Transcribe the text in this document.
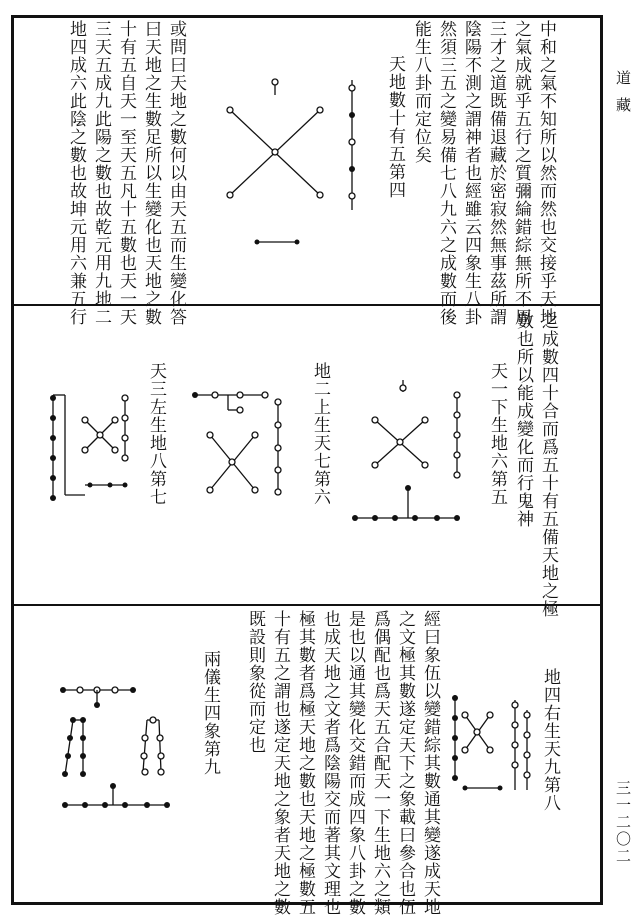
道藏
三一二〇二
中和之氣不知所以然而然也交接乎天地
之氣成就乎五行之質彌綸錯綜無所不周
三才之道既備退藏於密寂然無事茲所謂
陰陽不測之謂神者也經雖云四象生八卦
然須三五之變易備七八九六之成數而後
能生八卦而定位矣
天地數十有五第四
或問曰天地之數何以由天五而生變化答
曰天地之生數足所以生變化也天地之數
十有五自天一至天五凡十五數也天一天
三天五成九此陽之數也故乾元用九地二
地四成六此陰之數也故坤元用六兼五行
之成數四十合而爲五十有五備天地之極
數也所以能成變化而行鬼神
天一下生地六第五
地二上生天七第六
天三左生地八第七
地四右生天九第八
經曰象伍以變錯綜其數通其變遂成天地
之文極其數遂定天下之象載曰參合也伍
爲偶配也爲天五合配天一下生地六之類
是也以通其變化交錯而成四象八卦之數
也成天地之文者爲陰陽交而著其文理也
極其數者爲極天地之數也天地之極數五
十有五之謂也遂定天地之象者天地之數
既設則象從而定也
兩儀生四象第九
